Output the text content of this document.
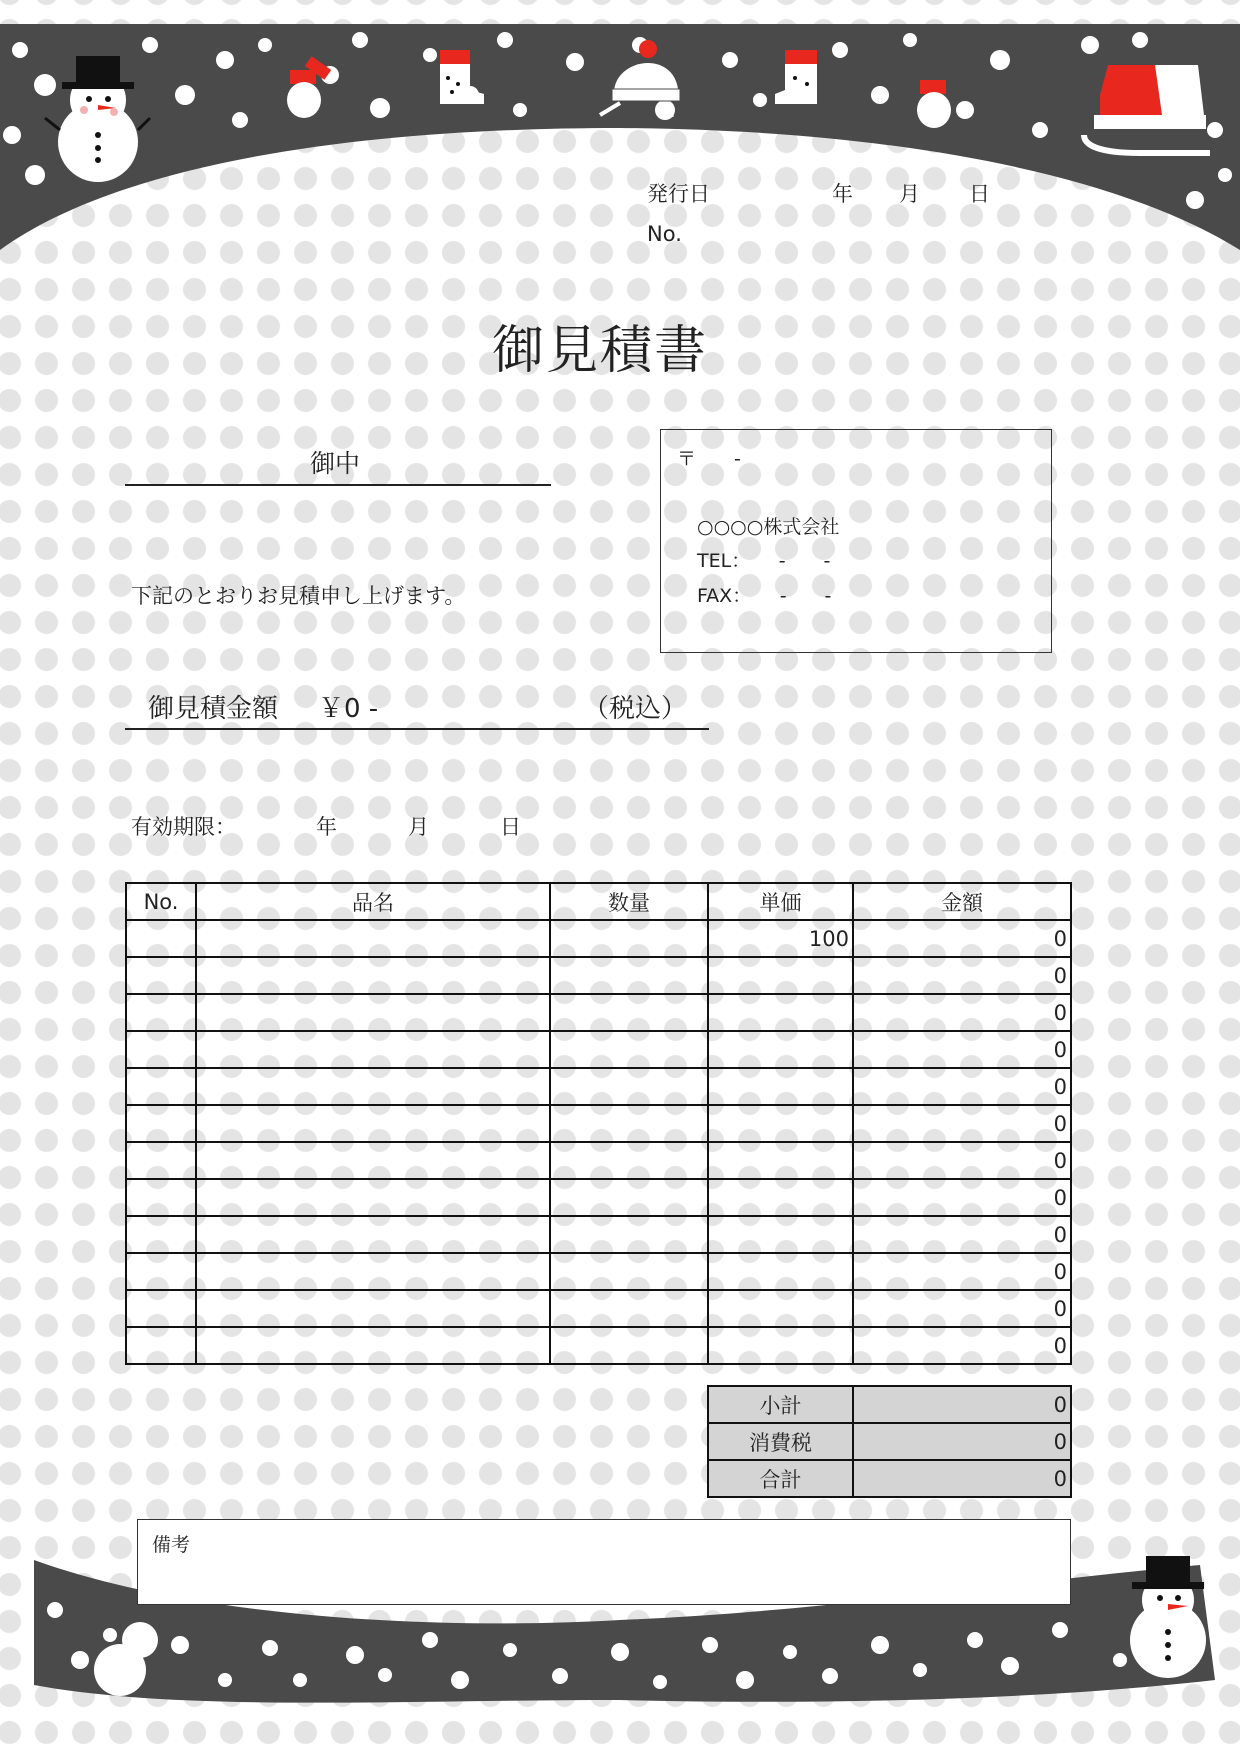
発行日	年 月 日
No.
御見積書
御中	〒　　-
○○○○株式会社
TEL：　　-　　-
FAX：　　-　　-
下記のとおりお見積申し上げます。
御見積金額 ￥0 -	（税込）
有効期限：	年	月	日
No.	品名	数量	単価	金額
			100	0
				0
				0
				0
				0
				0
				0
				0
				0
				0
				0
				0
小計	0
消費税	0
合計	0
備考
